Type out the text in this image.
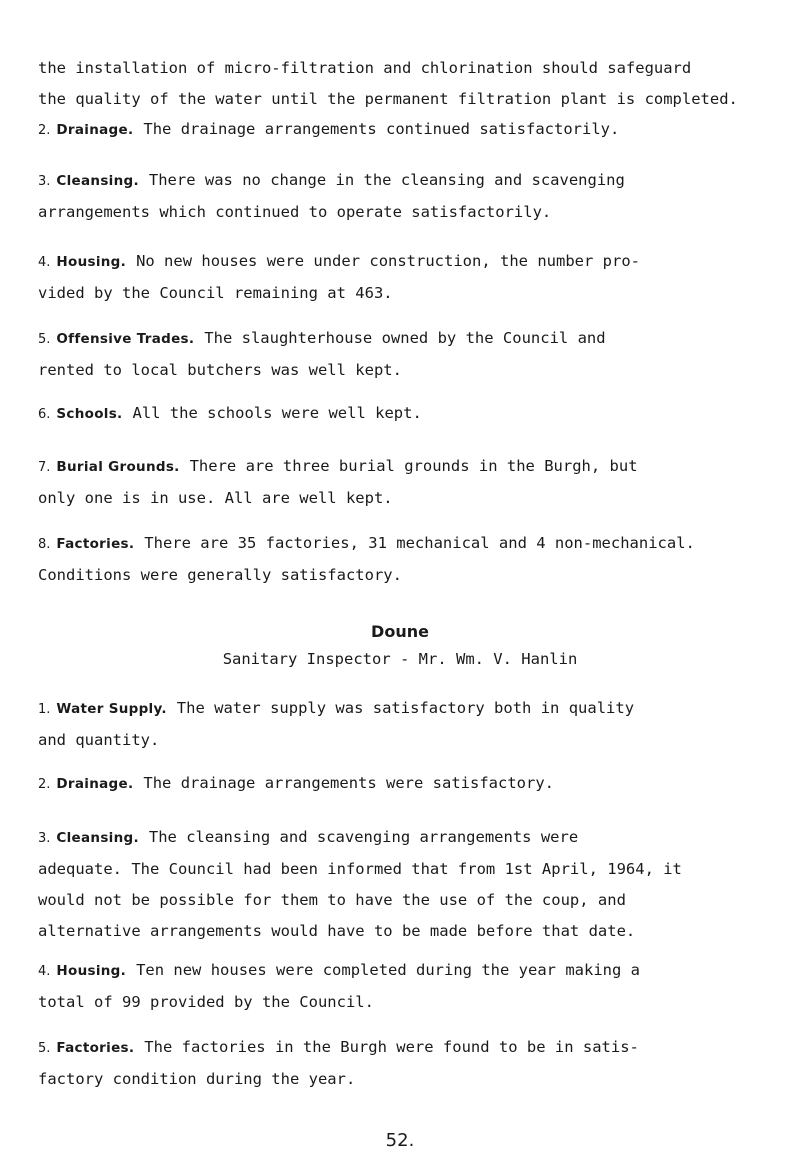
the installation of micro-filtration and chlorination should safeguard
the quality of the water until the permanent filtration plant is completed.
2. Drainage. The drainage arrangements continued satisfactorily.
3. Cleansing. There was no change in the cleansing and scavenging
arrangements which continued to operate satisfactorily.
4. Housing. No new houses were under construction, the number pro-
vided by the Council remaining at 463.
5. Offensive Trades. The slaughterhouse owned by the Council and
rented to local butchers was well kept.
6. Schools. All the schools were well kept.
7. Burial Grounds. There are three burial grounds in the Burgh, but
only one is in use. All are well kept.
8. Factories. There are 35 factories, 31 mechanical and 4 non-mechanical.
Conditions were generally satisfactory.
Doune
Sanitary Inspector - Mr. Wm. V. Hanlin
1. Water Supply. The water supply was satisfactory both in quality
and quantity.
2. Drainage. The drainage arrangements were satisfactory.
3. Cleansing. The cleansing and scavenging arrangements were
adequate. The Council had been informed that from 1st April, 1964, it
would not be possible for them to have the use of the coup, and
alternative arrangements would have to be made before that date.
4. Housing. Ten new houses were completed during the year making a
total of 99 provided by the Council.
5. Factories. The factories in the Burgh were found to be in satis-
factory condition during the year.
52.
